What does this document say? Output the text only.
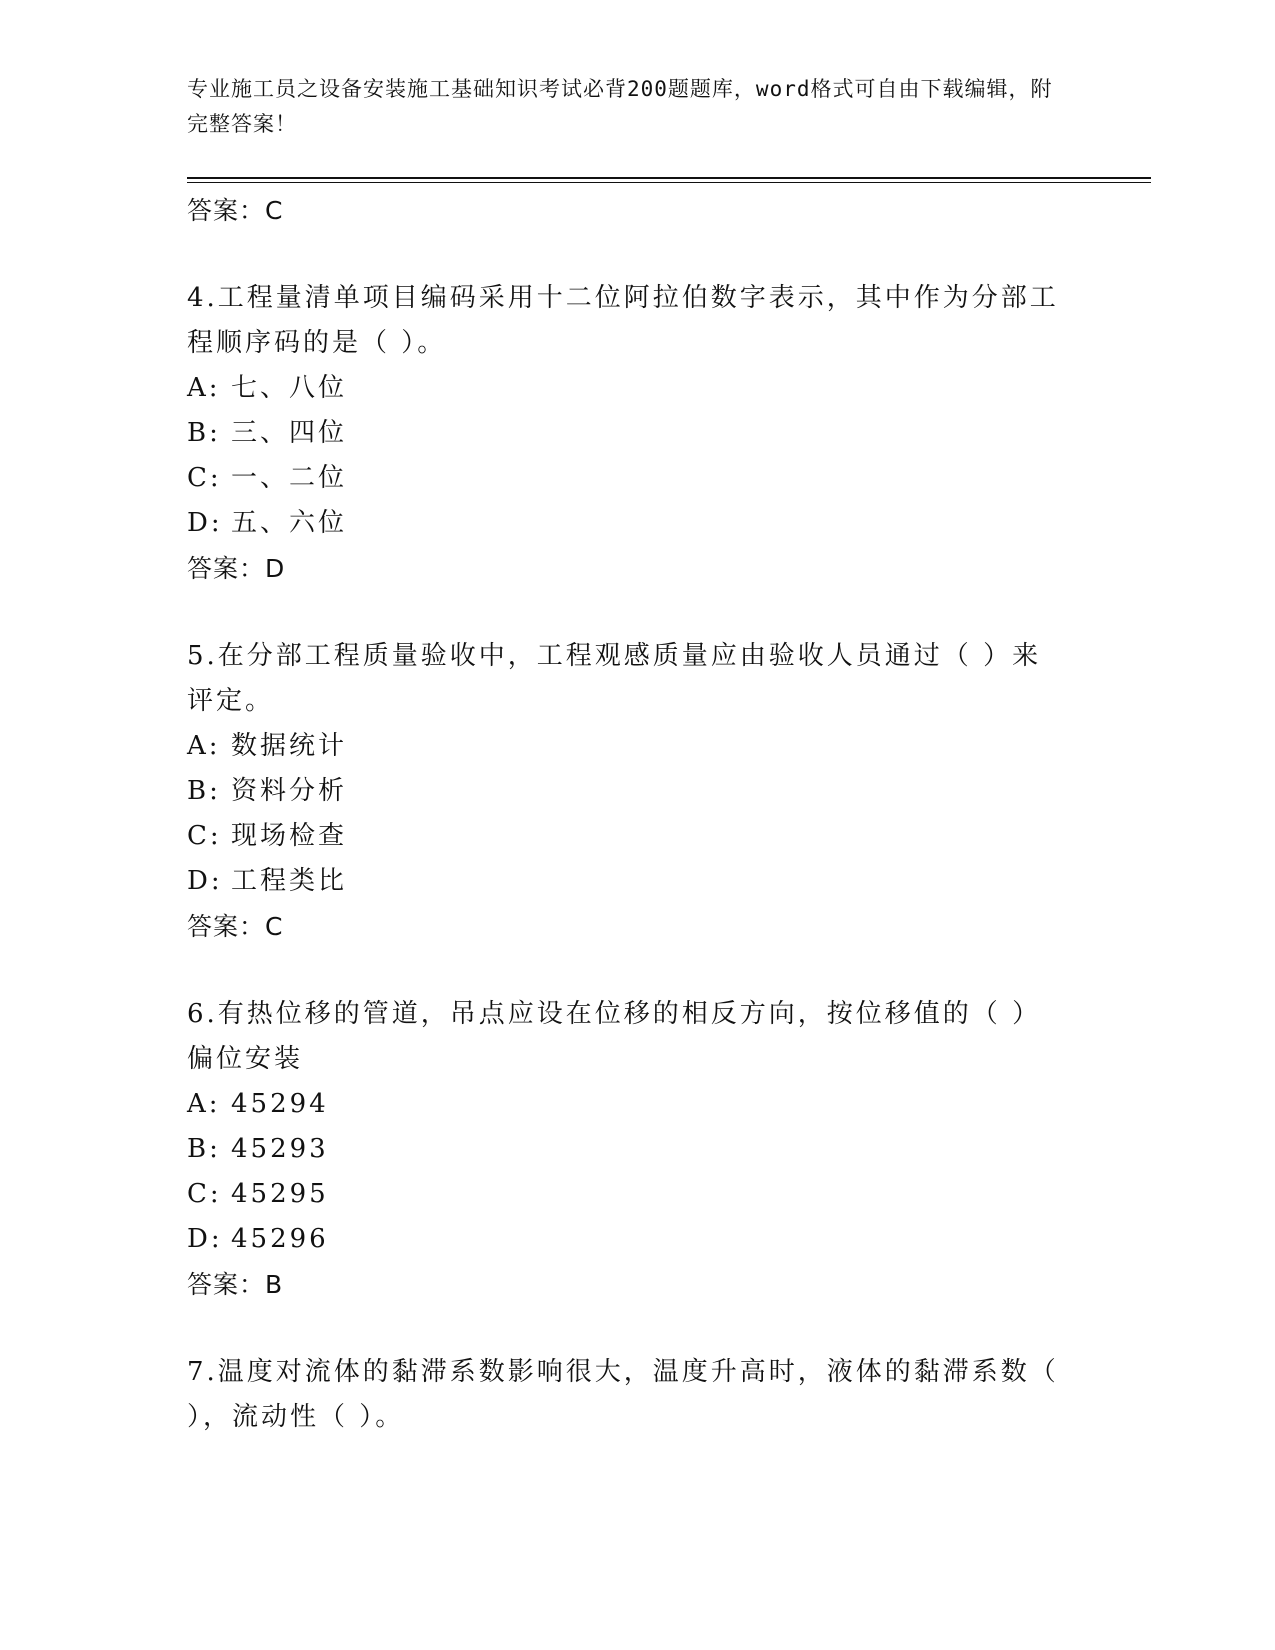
专业施工员之设备安装施工基础知识考试必背200题题库，word格式可自由下载编辑，附完整答案！
答案：C
4.工程量清单项目编码采用十二位阿拉伯数字表示，其中作为分部工程顺序码的是（ ）。
A: 七、八位
B: 三、四位
C: 一、二位
D: 五、六位
答案：D
5.在分部工程质量验收中，工程观感质量应由验收人员通过（ ）来评定。
A: 数据统计
B: 资料分析
C: 现场检查
D: 工程类比
答案：C
6.有热位移的管道，吊点应设在位移的相反方向，按位移值的（ ）偏位安装
A: 45294
B: 45293
C: 45295
D: 45296
答案：B
7.温度对流体的黏滞系数影响很大，温度升高时，液体的黏滞系数（ ），流动性（ ）。
